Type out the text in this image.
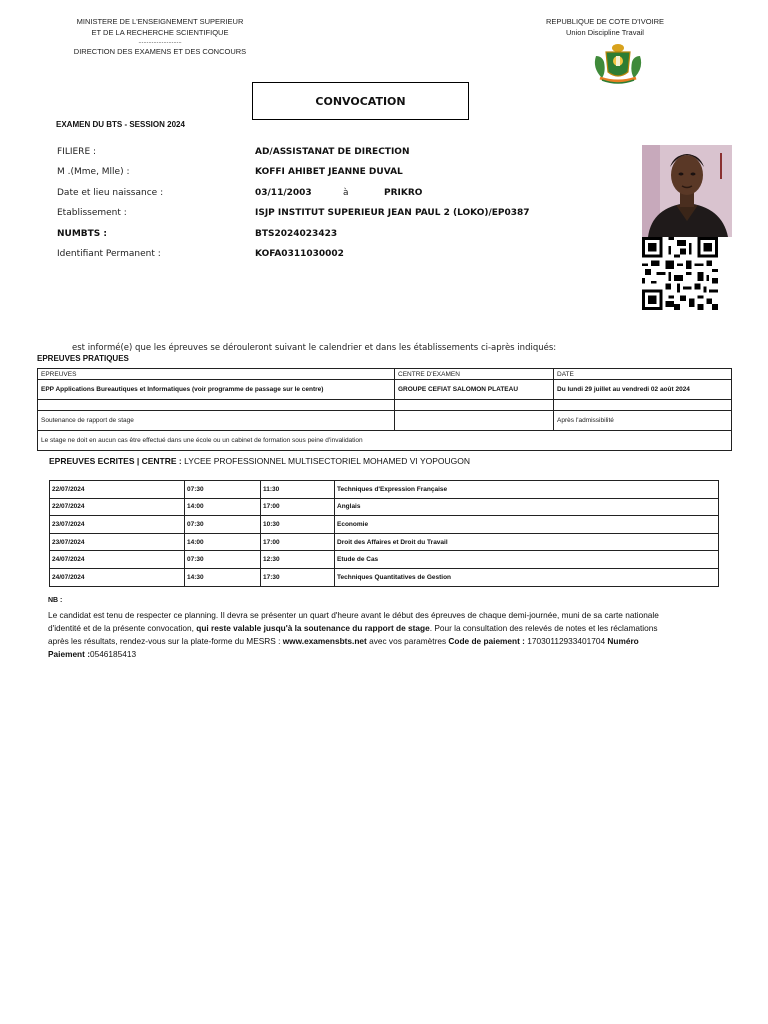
MINISTERE DE L'ENSEIGNEMENT SUPERIEUR
ET DE LA RECHERCHE SCIENTIFIQUE
..........................
DIRECTION DES EXAMENS ET DES CONCOURS
REPUBLIQUE DE COTE D'IVOIRE
Union Discipline Travail
CONVOCATION
EXAMEN DU BTS - SESSION 2024
FILIERE :	AD/ASSISTANAT DE DIRECTION
M .(Mme, Mlle) :	KOFFI AHIBET JEANNE DUVAL
Date et lieu naissance :	03/11/2003	à	PRIKRO
Etablissement :	ISJP INSTITUT SUPERIEUR JEAN PAUL 2 (LOKO)/EP0387
NUMBTS :	BTS2024023423
Identifiant Permanent :	KOFA0311030002
est informé(e) que les épreuves se dérouleront suivant le calendrier et dans les établissements ci-après indiqués:
EPREUVES PRATIQUES
EPREUVES	CENTRE D'EXAMEN	DATE
EPP Applications Bureautiques et Informatiques (voir programme de passage sur le centre)	GROUPE CEFIAT SALOMON PLATEAU	Du lundi 29 juillet au vendredi 02 août 2024

Soutenance de rapport de stage		Après l'admissibilité
Le stage ne doit en aucun cas être effectué dans une école ou un cabinet de formation sous peine d'invalidation		
EPREUVES ECRITES | CENTRE : LYCEE PROFESSIONNEL MULTISECTORIEL MOHAMED VI YOPOUGON
22/07/2024	07:30	11:30	Techniques d'Expression Française
22/07/2024	14:00	17:00	Anglais
23/07/2024	07:30	10:30	Economie
23/07/2024	14:00	17:00	Droit des Affaires et Droit du Travail
24/07/2024	07:30	12:30	Etude de Cas
24/07/2024	14:30	17:30	Techniques Quantitatives de Gestion
NB :
Le candidat est tenu de respecter ce planning. Il devra se présenter un quart d'heure avant le début des épreuves de chaque demi-journée, muni de sa carte nationale d'identité et de la présente convocation, qui reste valable jusqu'à la soutenance du rapport de stage. Pour la consultation des relevés de notes et les réclamations après les résultats, rendez-vous sur la plate-forme du MESRS : www.examensbts.net avec vos paramètres Code de paiement : 17030112933401704 Numéro Paiement :0546185413
